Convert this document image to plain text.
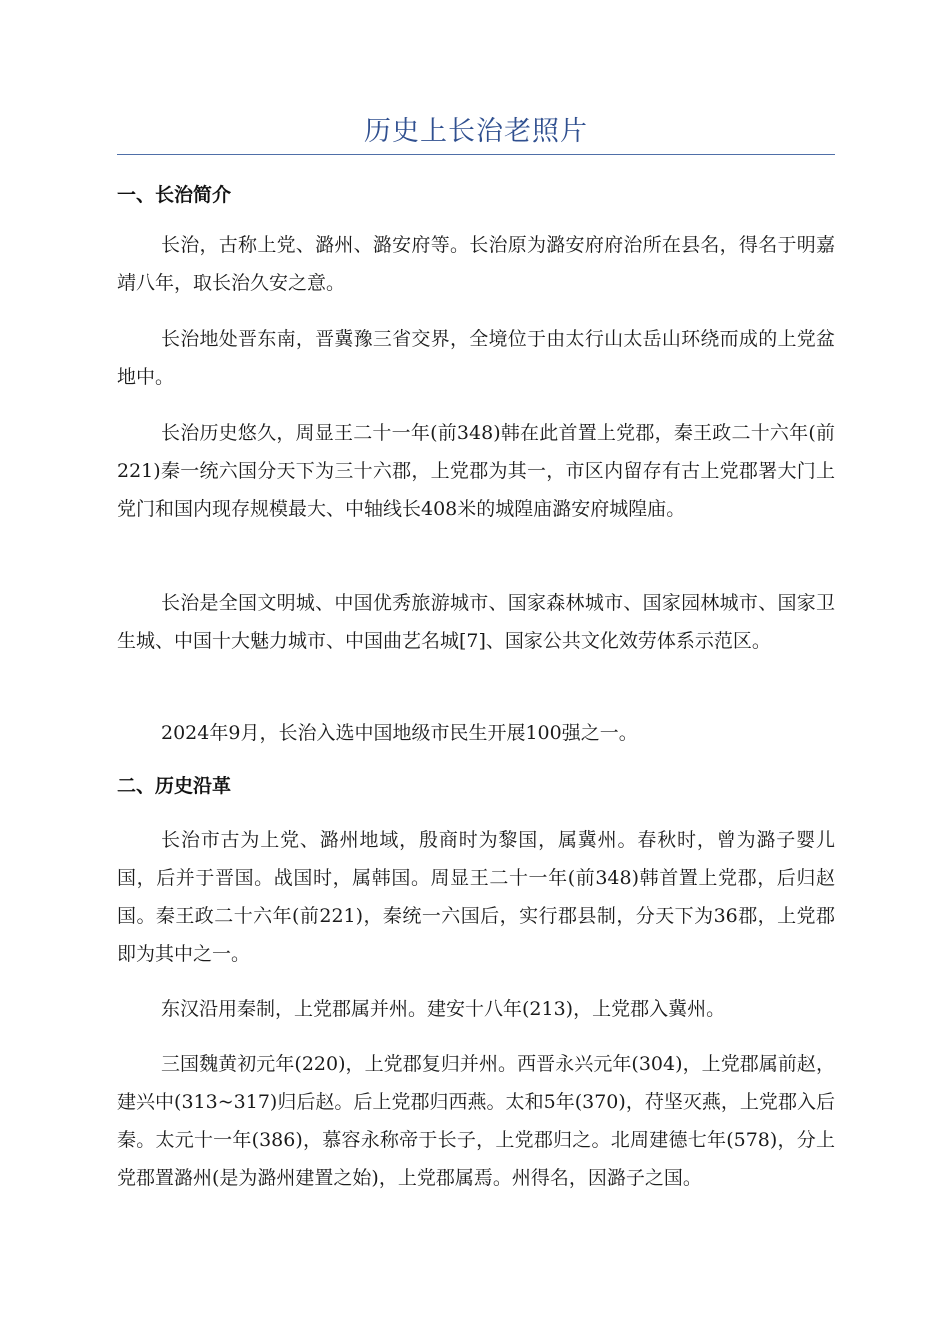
历史上长治老照片
一、长治简介

长治，古称上党、潞州、潞安府等。长治原为潞安府府治所在县名，得名于明嘉靖八年，取长治久安之意。

长治地处晋东南，晋冀豫三省交界，全境位于由太行山太岳山环绕而成的上党盆地中。

长治历史悠久，周显王二十一年(前348)韩在此首置上党郡，秦王政二十六年(前221)秦一统六国分天下为三十六郡，上党郡为其一，市区内留存有古上党郡署大门上党门和国内现存规模最大、中轴线长408米的城隍庙潞安府城隍庙。

长治是全国文明城、中国优秀旅游城市、国家森林城市、国家园林城市、国家卫生城、中国十大魅力城市、中国曲艺名城[7]、国家公共文化效劳体系示范区。

2024年9月，长治入选中国地级市民生开展100强之一。

二、历史沿革

长治市古为上党、潞州地域，殷商时为黎国，属冀州。春秋时，曾为潞子婴儿国，后并于晋国。战国时，属韩国。周显王二十一年(前348)韩首置上党郡，后归赵国。秦王政二十六年(前221)，秦统一六国后，实行郡县制，分天下为36郡，上党郡即为其中之一。

东汉沿用秦制，上党郡属并州。建安十八年(213)，上党郡入冀州。

三国魏黄初元年(220)，上党郡复归并州。西晋永兴元年(304)，上党郡属前赵，建兴中(313~317)归后赵。后上党郡归西燕。太和5年(370)，苻坚灭燕，上党郡入后秦。太元十一年(386)，慕容永称帝于长子，上党郡归之。北周建德七年(578)，分上党郡置潞州(是为潞州建置之始)，上党郡属焉。州得名，因潞子之国。
